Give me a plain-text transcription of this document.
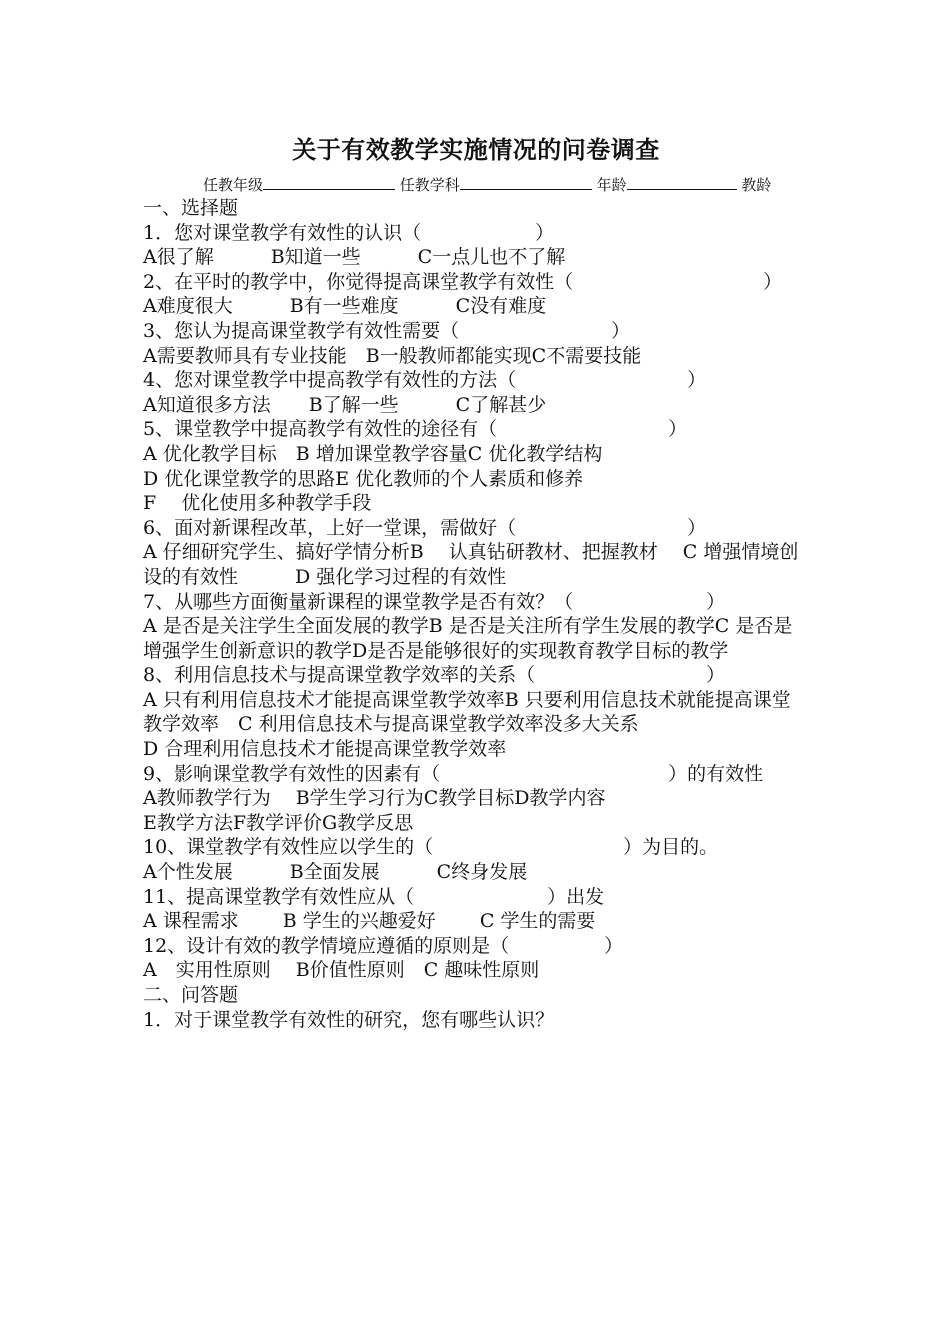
关于有效教学实施情况的问卷调查
任教年级	任教学科	年龄	教龄

一、选择题

1．您对课堂教学有效性的认识（　　　　　　）

A很了解　　　B知道一些　　　C一点儿也不了解

2、在平时的教学中，你觉得提高课堂教学有效性（　　　　　　　　　　）

A难度很大　　　B有一些难度　　　C没有难度

3、您认为提高课堂教学有效性需要（　　　　　　　　）

A需要教师具有专业技能　B一般教师都能实现C不需要技能

4、您对课堂教学中提高教学有效性的方法（　　　　　　　　　）

A知道很多方法　　B了解一些　　　C了解甚少

5、课堂教学中提高教学有效性的途径有（　　　　　　　　　）

A 优化教学目标　B 增加课堂教学容量C 优化教学结构

D 优化课堂教学的思路E 优化教师的个人素质和修养

F　 优化使用多种教学手段

6、面对新课程改革，上好一堂课，需做好（　　　　　　　　　）

A 仔细研究学生、搞好学情分析B　 认真钻研教材、把握教材　 C 增强情境创设的有效性　　　D 强化学习过程的有效性

7、从哪些方面衡量新课程的课堂教学是否有效？（　　　　　　　）

A 是否是关注学生全面发展的教学B 是否是关注所有学生发展的教学C 是否是增强学生创新意识的教学D是否是能够很好的实现教育教学目标的教学

8、利用信息技术与提高课堂教学效率的关系（　　　　　　　　　）

A 只有利用信息技术才能提高课堂教学效率B 只要利用信息技术就能提高课堂教学效率　C 利用信息技术与提高课堂教学效率没多大关系

D 合理利用信息技术才能提高课堂教学效率

9、影响课堂教学有效性的因素有（　　　　　　　　　　　　）的有效性

A教师教学行为　 B学生学习行为C教学目标D教学内容

E教学方法F教学评价G教学反思

10、课堂教学有效性应以学生的（　　　　　　　　　　）为目的。

A个性发展　　　B全面发展　　　C终身发展

11、提高课堂教学有效性应从（　　　　　　　）出发

A 课程需求　　 B 学生的兴趣爱好　　 C 学生的需要

12、设计有效的教学情境应遵循的原则是（　　　　　）

A　实用性原则　 B价值性原则　C 趣味性原则

二、问答题

1．对于课堂教学有效性的研究，您有哪些认识？
